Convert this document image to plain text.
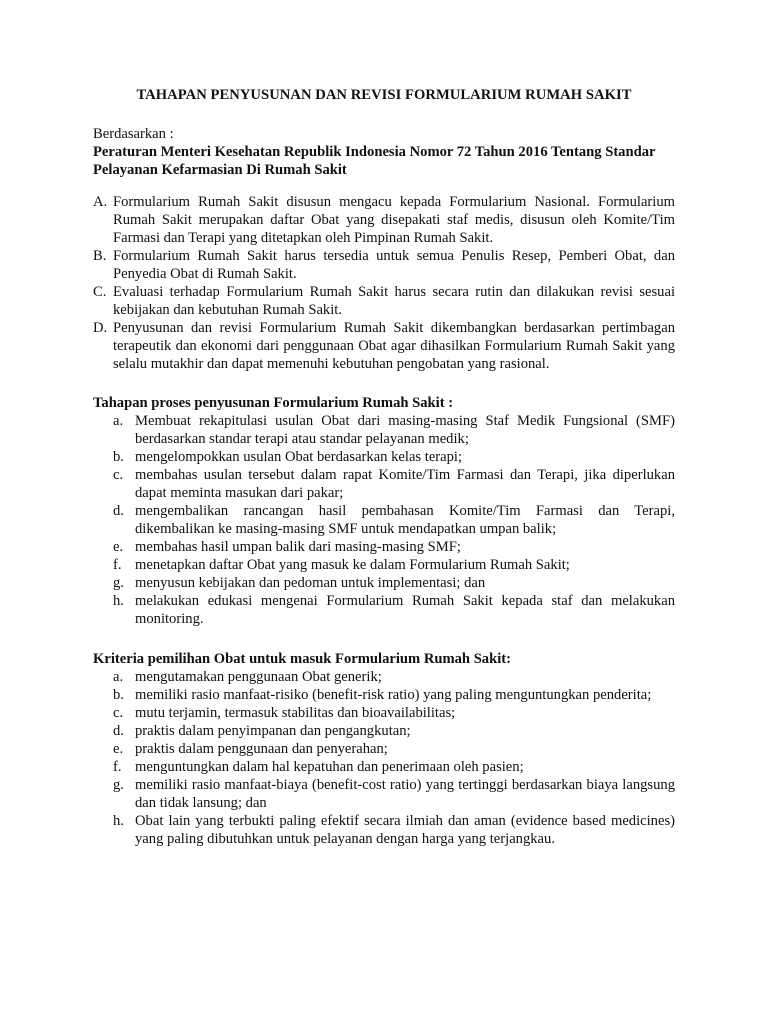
TAHAPAN PENYUSUNAN DAN REVISI FORMULARIUM RUMAH SAKIT
Berdasarkan :
Peraturan Menteri Kesehatan Republik Indonesia Nomor 72 Tahun 2016 Tentang Standar Pelayanan Kefarmasian Di Rumah Sakit
A. Formularium Rumah Sakit disusun mengacu kepada Formularium Nasional. Formularium Rumah Sakit merupakan daftar Obat yang disepakati staf medis, disusun oleh Komite/Tim Farmasi dan Terapi yang ditetapkan oleh Pimpinan Rumah Sakit.
B. Formularium Rumah Sakit harus tersedia untuk semua Penulis Resep, Pemberi Obat, dan Penyedia Obat di Rumah Sakit.
C. Evaluasi terhadap Formularium Rumah Sakit harus secara rutin dan dilakukan revisi sesuai kebijakan dan kebutuhan Rumah Sakit.
D. Penyusunan dan revisi Formularium Rumah Sakit dikembangkan berdasarkan pertimbagan terapeutik dan ekonomi dari penggunaan Obat agar dihasilkan Formularium Rumah Sakit yang selalu mutakhir dan dapat memenuhi kebutuhan pengobatan yang rasional.
Tahapan proses penyusunan Formularium Rumah Sakit :
a. Membuat rekapitulasi usulan Obat dari masing-masing Staf Medik Fungsional (SMF) berdasarkan standar terapi atau standar pelayanan medik;
b. mengelompokkan usulan Obat berdasarkan kelas terapi;
c. membahas usulan tersebut dalam rapat Komite/Tim Farmasi dan Terapi, jika diperlukan dapat meminta masukan dari pakar;
d. mengembalikan rancangan hasil pembahasan Komite/Tim Farmasi dan Terapi, dikembalikan ke masing-masing SMF untuk mendapatkan umpan balik;
e. membahas hasil umpan balik dari masing-masing SMF;
f. menetapkan daftar Obat yang masuk ke dalam Formularium Rumah Sakit;
g. menyusun kebijakan dan pedoman untuk implementasi; dan
h. melakukan edukasi mengenai Formularium Rumah Sakit kepada staf dan melakukan monitoring.
Kriteria pemilihan Obat untuk masuk Formularium Rumah Sakit:
a. mengutamakan penggunaan Obat generik;
b. memiliki rasio manfaat-risiko (benefit-risk ratio) yang paling menguntungkan penderita;
c. mutu terjamin, termasuk stabilitas dan bioavailabilitas;
d. praktis dalam penyimpanan dan pengangkutan;
e. praktis dalam penggunaan dan penyerahan;
f. menguntungkan dalam hal kepatuhan dan penerimaan oleh pasien;
g. memiliki rasio manfaat-biaya (benefit-cost ratio) yang tertinggi berdasarkan biaya langsung dan tidak lansung; dan
h. Obat lain yang terbukti paling efektif secara ilmiah dan aman (evidence based medicines) yang paling dibutuhkan untuk pelayanan dengan harga yang terjangkau.
